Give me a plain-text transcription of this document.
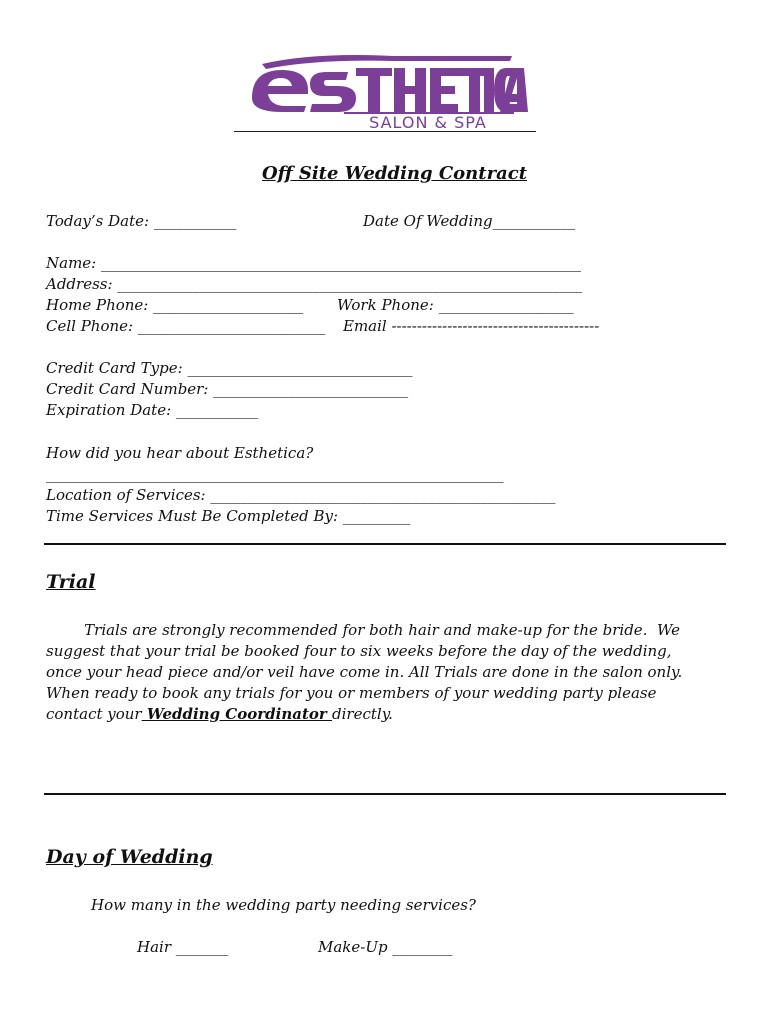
SALON & SPA
Off Site Wedding Contract
Today’s Date: ___________	Date Of Wedding___________
Name: ________________________________________________________________
Address: ______________________________________________________________
Home Phone: ____________________ Work Phone: __________________
Cell Phone: _________________________ Email -----------------------------------------
Credit Card Type: ______________________________
Credit Card Number: __________________________
Expiration Date: ___________
How did you hear about Esthetica?
_____________________________________________________________
Location of Services: ______________________________________________
Time Services Must Be Completed By: _________
Trial
Trials are strongly recommended for both hair and make-up for the bride.  We
suggest that your trial be booked four to six weeks before the day of the wedding,
once your head piece and/or veil have come in. All Trials are done in the salon only.
When ready to book any trials for you or members of your wedding party please
contact your Wedding Coordinator directly.
Day of Wedding
How many in the wedding party needing services?
Hair _______	Make-Up ________
